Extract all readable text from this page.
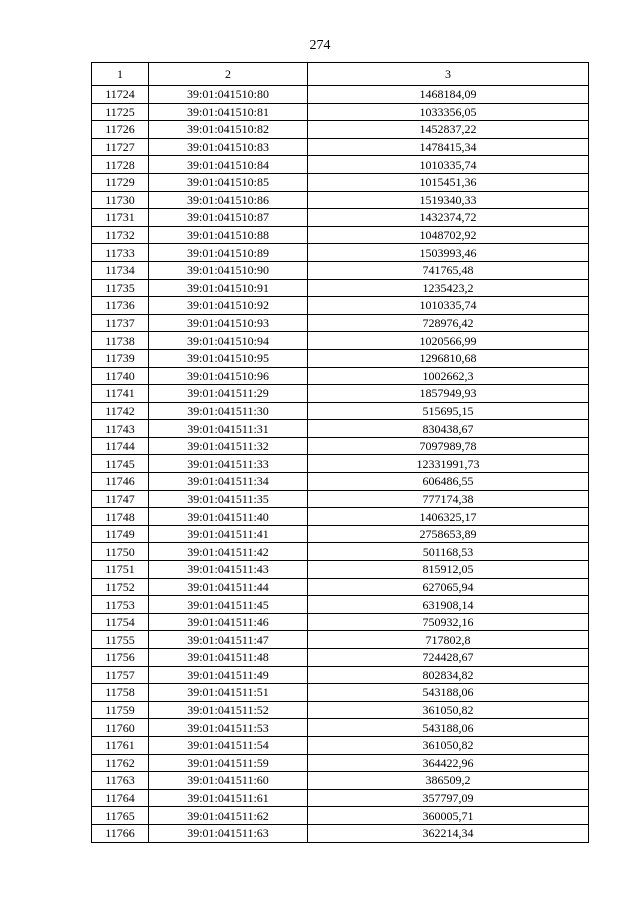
274
1	2	3
11724	39:01:041510:80	1468184,09
11725	39:01:041510:81	1033356,05
11726	39:01:041510:82	1452837,22
11727	39:01:041510:83	1478415,34
11728	39:01:041510:84	1010335,74
11729	39:01:041510:85	1015451,36
11730	39:01:041510:86	1519340,33
11731	39:01:041510:87	1432374,72
11732	39:01:041510:88	1048702,92
11733	39:01:041510:89	1503993,46
11734	39:01:041510:90	741765,48
11735	39:01:041510:91	1235423,2
11736	39:01:041510:92	1010335,74
11737	39:01:041510:93	728976,42
11738	39:01:041510:94	1020566,99
11739	39:01:041510:95	1296810,68
11740	39:01:041510:96	1002662,3
11741	39:01:041511:29	1857949,93
11742	39:01:041511:30	515695,15
11743	39:01:041511:31	830438,67
11744	39:01:041511:32	7097989,78
11745	39:01:041511:33	12331991,73
11746	39:01:041511:34	606486,55
11747	39:01:041511:35	777174,38
11748	39:01:041511:40	1406325,17
11749	39:01:041511:41	2758653,89
11750	39:01:041511:42	501168,53
11751	39:01:041511:43	815912,05
11752	39:01:041511:44	627065,94
11753	39:01:041511:45	631908,14
11754	39:01:041511:46	750932,16
11755	39:01:041511:47	717802,8
11756	39:01:041511:48	724428,67
11757	39:01:041511:49	802834,82
11758	39:01:041511:51	543188,06
11759	39:01:041511:52	361050,82
11760	39:01:041511:53	543188,06
11761	39:01:041511:54	361050,82
11762	39:01:041511:59	364422,96
11763	39:01:041511:60	386509,2
11764	39:01:041511:61	357797,09
11765	39:01:041511:62	360005,71
11766	39:01:041511:63	362214,34
